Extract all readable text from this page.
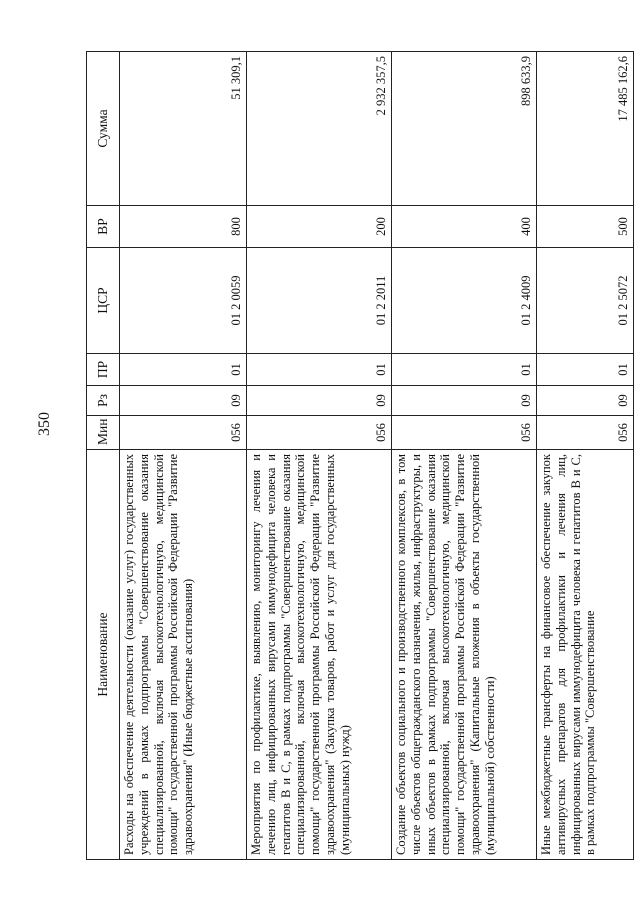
350
Наименование	Мин	Рз	ПР	ЦСР	ВР	Сумма
Расходы на обеспечение деятельности (оказание услуг) государственных учреждений в рамках подпрограммы "Совершенствование оказания специализированной, включая высокотехнологичную, медицинской помощи" государственной программы Российской Федерации "Развитие здравоохранения" (Иные бюджетные ассигнования)	056	09	01	01 2 0059	800	51 309,1
Мероприятия по профилактике, выявлению, мониторингу лечения и лечению лиц, инфицированных вирусами иммунодефицита человека и гепатитов В и С, в рамках подпрограммы "Совершенствование оказания специализированной, включая высокотехнологичную, медицинской помощи" государственной программы Российской Федерации "Развитие здравоохранения" (Закупка товаров, работ и услуг для государственных (муниципальных) нужд)	056	09	01	01 2 2011	200	2 932 357,5
Создание объектов социального и производственного комплексов, в том числе объектов общегражданского назначения, жилья, инфраструктуры, и иных объектов в рамках подпрограммы "Совершенствование оказания специализированной, включая высокотехнологичную, медицинской помощи" государственной программы Российской Федерации "Развитие здравоохранения" (Капитальные вложения в объекты государственной (муниципальной) собственности)	056	09	01	01 2 4009	400	898 633,9
Иные межбюджетные трансферты на финансовое обеспечение закупок антивирусных препаратов для профилактики и лечения лиц, инфицированных вирусами иммунодефицита человека и гепатитов В и С, в рамках подпрограммы "Совершенствование	056	09	01	01 2 5072	500	17 485 162,6
